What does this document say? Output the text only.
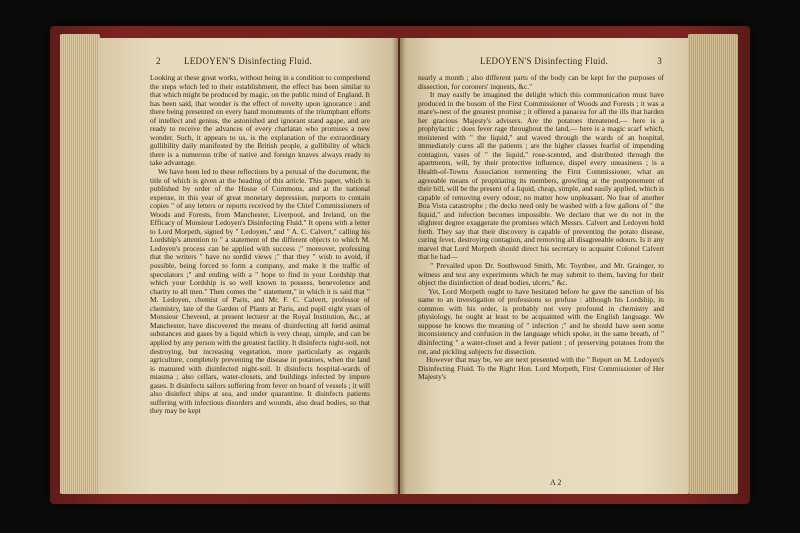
2	LEDOYEN'S Disinfecting Fluid.
Looking at these great works, without being in a condition to comprehend the steps which led to their establishment, the effect has been similar to that which might be produced by magic, on the public mind of England. It has been said, that wonder is the effect of novelty upon ignorance : and there being presented on every hand monuments of the triumphant efforts of intellect and genius, the astonished and ignorant stand agape, and are ready to receive the advances of every charlatan who promises a new wonder. Such, it appears to us, is the explanation of the extraordinary gullibility daily manifested by the British people, a gullibility of which there is a numerous tribe of native and foreign knaves always ready to take advantage.
We have been led to these reflections by a perusal of the document, the title of which is given at the heading of this article. This paper, which is published by order of the House of Commons, and at the national expense, in this year of great monetary depression, purports to contain copies " of any letters or reports received by the Chief Commissioners of Woods and Forests, from Manchester, Liverpool, and Ireland, on the Efficacy of Monsieur Ledoyen's Disinfecting Fluid." It opens with a letter to Lord Morpeth, signed by " Ledoyen," and " A. C. Calvert," calling his Lordship's attention to " a statement of the different objects to which M. Ledoyen's process can be applied with success ;" moreover, professing that the writers " have no sordid views ;" that they " wish to avoid, if possible, being forced to form a company, and make it the traffic of speculators ;" and ending with a " hope to find in your Lordship that which your Lordship is so well known to possess, benevolence and charity to all men." Then comes the " statement," in which it is said that " M. Ledoyen, chemist of Paris, and Mr. F. C. Calvert, professor of chemistry, late of the Garden of Plants at Paris, and pupil eight years of Monsieur Chevreul, at present lecturer at the Royal Institution, &c., at Manchester, have discovered the means of disinfecting all fœtid animal substances and gases by a liquid which is very cheap, simple, and can be applied by any person with the greatest facility. It disinfects night-soil, not destroying, but increasing vegetation, more particularly as regards agriculture, completely preventing the disease in potatoes, when the land is manured with disinfected night-soil. It disinfects hospital-wards of miasma ; also cellars, water-closets, and buildings infected by impure gases. It disinfects sailors suffering from fever on board of vessels ; it will also disinfect ships at sea, and under quarantine. It disinfects patients suffering with infectious disorders and wounds, also dead bodies, so that they may be kept
LEDOYEN'S Disinfecting Fluid.	3
nearly a month ; also different parts of the body can be kept for the purposes of dissection, for coroners' inquests, &c."
It may easily be imagined the delight which this communication must have produced in the bosom of the First Commissioner of Woods and Forests ; it was a mare's-nest of the greatest promise ; it offered a panacea for all the ills that harden her gracious Majesty's advisers. Are the potatoes threatened,— here is a prophylactic ; does fever rage throughout the land,— here is a magic scarf which, moistened with " the liquid," and waved through the wards of an hospital, immediately cures all the patients ; are the higher classes fearful of impending contagion, vases of " the liquid," rose-scented, and distributed through the apartments, will, by their protective influence, dispel every uneasiness ; is a Health-of-Towns Association tormenting the First Commissioner, what an agreeable means of propitiating its members, growling at the postponement of their bill, will be the present of a liquid, cheap, simple, and easily applied, which is capable of removing every odour, no matter how unpleasant. No fear of another Boa Vista catastrophe ; the decks need only be washed with a few gallons of " the liquid," and infection becomes impossible. We declare that we do not in the slightest degree exaggerate the promises which Messrs. Calvert and Ledoyen hold forth. They say that their discovery is capable of preventing the potato disease, curing fever, destroying contagion, and removing all disagreeable odours. Is it any marvel that Lord Morpeth should direct his secretary to acquaint Colonel Calvert that he had—
" Prevailed upon Dr. Southwood Smith, Mr. Toynbee, and Mr. Grainger, to witness and test any experiments which he may submit to them, having for their object the disinfection of dead bodies, ulcers," &c.
Yet, Lord Morpeth ought to have hesitated before he gave the sanction of his name to an investigation of professions so profuse : although his Lordship, in common with his order, is probably not very profound in chemistry and physiology, he ought at least to be acquainted with the English language. We suppose he knows the meaning of " infection ;" and he should have seen some inconsistency and confusion in the language which spoke, in the same breath, of " disinfecting " a water-closet and a fever patient ; of preserving potatoes from the rot, and pickling subjects for dissection.
However that may be, we are next presented with the " Report on M. Ledoyen's Disinfecting Fluid. To the Right Hon. Lord Morpeth, First Commissioner of Her Majesty's
A 2
